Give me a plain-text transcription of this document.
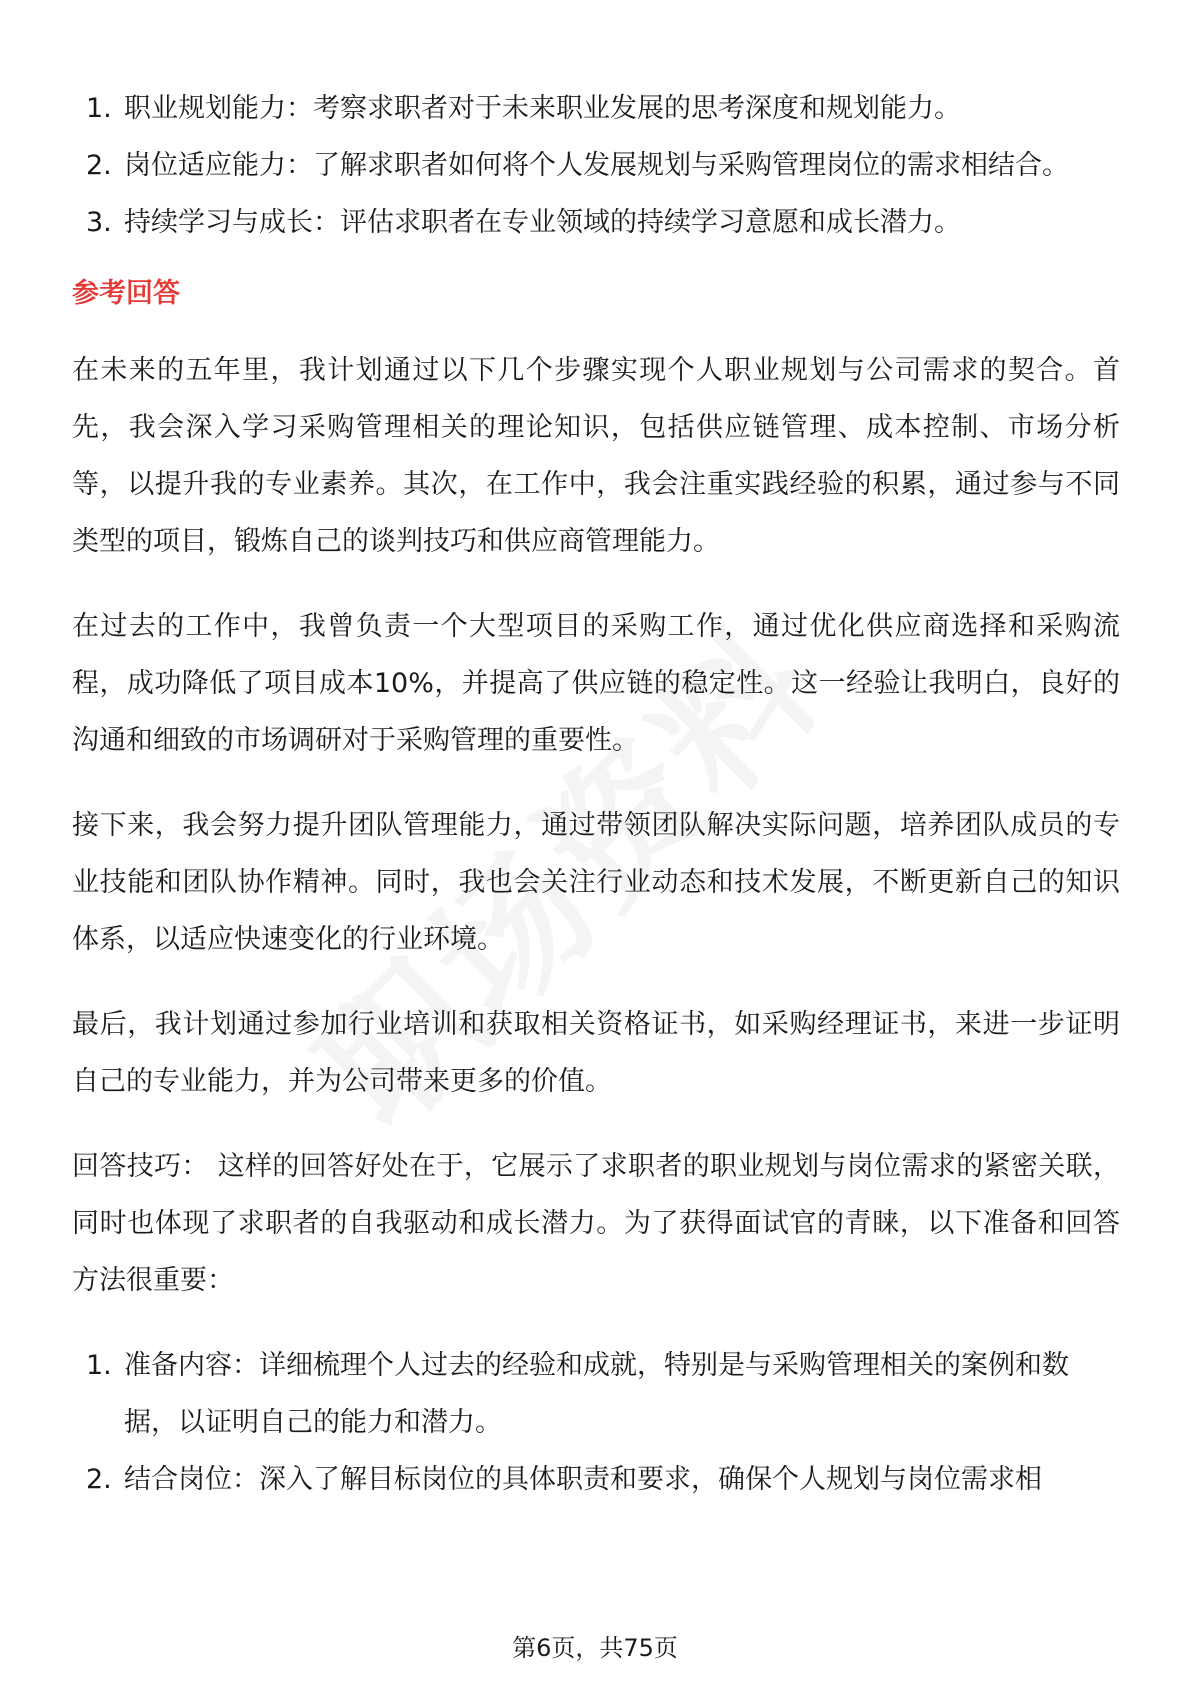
1. 职业规划能力：考察求职者对于未来职业发展的思考深度和规划能力。
2. 岗位适应能力：了解求职者如何将个人发展规划与采购管理岗位的需求相结合。
3. 持续学习与成长：评估求职者在专业领域的持续学习意愿和成长潜力。
参考回答

在未来的五年里，我计划通过以下几个步骤实现个人职业规划与公司需求的契合。首先，我会深入学习采购管理相关的理论知识，包括供应链管理、成本控制、市场分析等，以提升我的专业素养。其次，在工作中，我会注重实践经验的积累，通过参与不同类型的项目，锻炼自己的谈判技巧和供应商管理能力。

在过去的工作中，我曾负责一个大型项目的采购工作，通过优化供应商选择和采购流程，成功降低了项目成本10%，并提高了供应链的稳定性。这一经验让我明白，良好的沟通和细致的市场调研对于采购管理的重要性。

接下来，我会努力提升团队管理能力，通过带领团队解决实际问题，培养团队成员的专业技能和团队协作精神。同时，我也会关注行业动态和技术发展，不断更新自己的知识体系，以适应快速变化的行业环境。

最后，我计划通过参加行业培训和获取相关资格证书，如采购经理证书，来进一步证明自己的专业能力，并为公司带来更多的价值。

回答技巧： 这样的回答好处在于，它展示了求职者的职业规划与岗位需求的紧密关联，同时也体现了求职者的自我驱动和成长潜力。为了获得面试官的青睐，以下准备和回答方法很重要：

1. 准备内容：详细梳理个人过去的经验和成就，特别是与采购管理相关的案例和数据，以证明自己的能力和潜力。
2. 结合岗位：深入了解目标岗位的具体职责和要求，确保个人规划与岗位需求相
第6页，共75页
